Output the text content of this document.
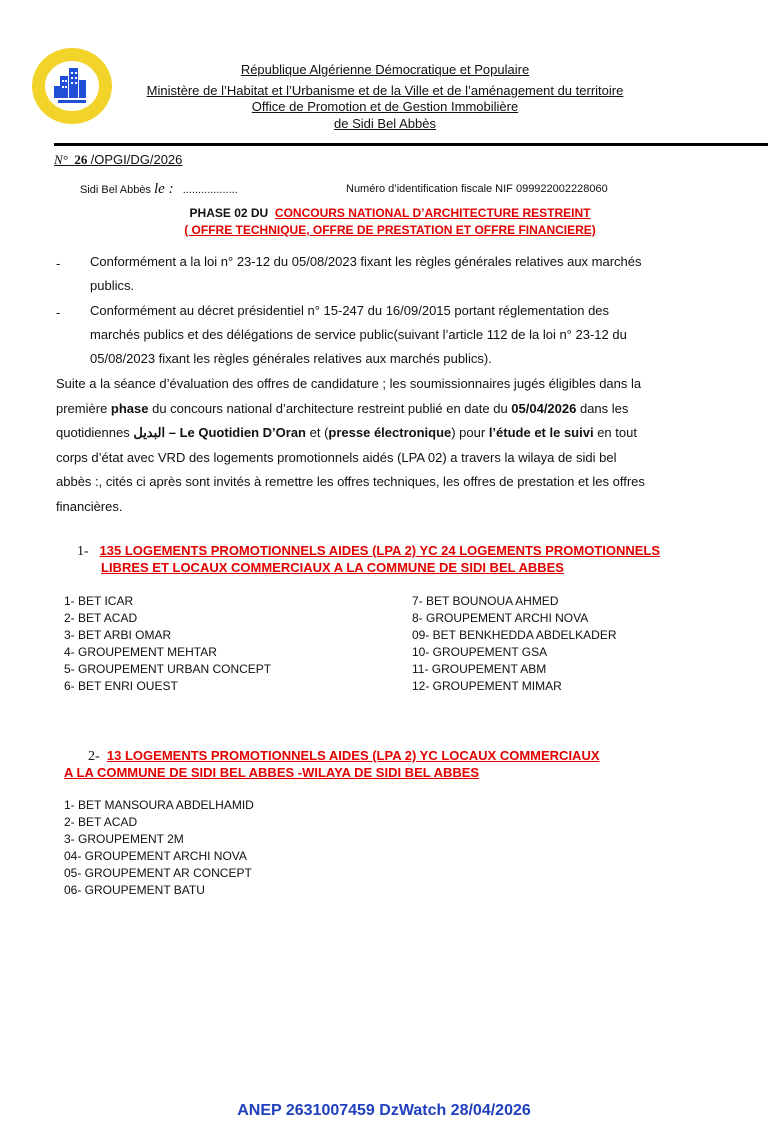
République Algérienne Démocratique et Populaire
Ministère de l’Habitat et l’Urbanisme et de la Ville et de l’aménagement du territoire
Office de Promotion et de Gestion Immobilière
de Sidi Bel Abbès
N° 26 /OPGI/DG/2026
Sidi Bel Abbès le : ..................	Numéro d’identification fiscale NIF 099922002228060
PHASE 02 DU CONCOURS NATIONAL D’ARCHITECTURE RESTREINT
( OFFRE TECHNIQUE, OFFRE DE PRESTATION ET OFFRE FINANCIERE)
- Conformément a la loi n° 23-12 du 05/08/2023 fixant les règles générales relatives aux marchés
publics.
- Conformément au décret présidentiel n° 15-247 du 16/09/2015 portant réglementation des
marchés publics et des délégations de service public(suivant l’article 112 de la loi n° 23-12 du
05/08/2023 fixant les règles générales relatives aux marchés publics).
Suite a la séance d’évaluation des offres de candidature ; les soumissionnaires jugés éligibles dans la
première phase du concours national d’architecture restreint publié en date du 05/04/2026 dans les
quotidiennes البديل – Le Quotidien D’Oran et (presse électronique) pour l’étude et le suivi en tout
corps d’état avec VRD des logements promotionnels aidés (LPA 02) a travers la wilaya de sidi bel
abbès :, cités ci après sont invités à remettre les offres techniques, les offres de prestation et les offres
financières.
1- 135 LOGEMENTS PROMOTIONNELS AIDES (LPA 2) YC 24 LOGEMENTS PROMOTIONNELS
LIBRES ET LOCAUX COMMERCIAUX A LA COMMUNE DE SIDI BEL ABBES
1- BET ICAR
2- BET ACAD
3- BET ARBI OMAR
4- GROUPEMENT MEHTAR
5- GROUPEMENT URBAN CONCEPT
6- BET ENRI OUEST
7- BET BOUNOUA AHMED
8- GROUPEMENT ARCHI NOVA
09- BET BENKHEDDA ABDELKADER
10- GROUPEMENT GSA
11- GROUPEMENT ABM
12- GROUPEMENT MIMAR
2- 13 LOGEMENTS PROMOTIONNELS AIDES (LPA 2) YC LOCAUX COMMERCIAUX
A LA COMMUNE DE SIDI BEL ABBES -WILAYA DE SIDI BEL ABBES
1- BET MANSOURA ABDELHAMID
2- BET ACAD
3- GROUPEMENT 2M
04- GROUPEMENT ARCHI NOVA
05- GROUPEMENT AR CONCEPT
06- GROUPEMENT BATU
ANEP 2631007459 DzWatch 28/04/2026
